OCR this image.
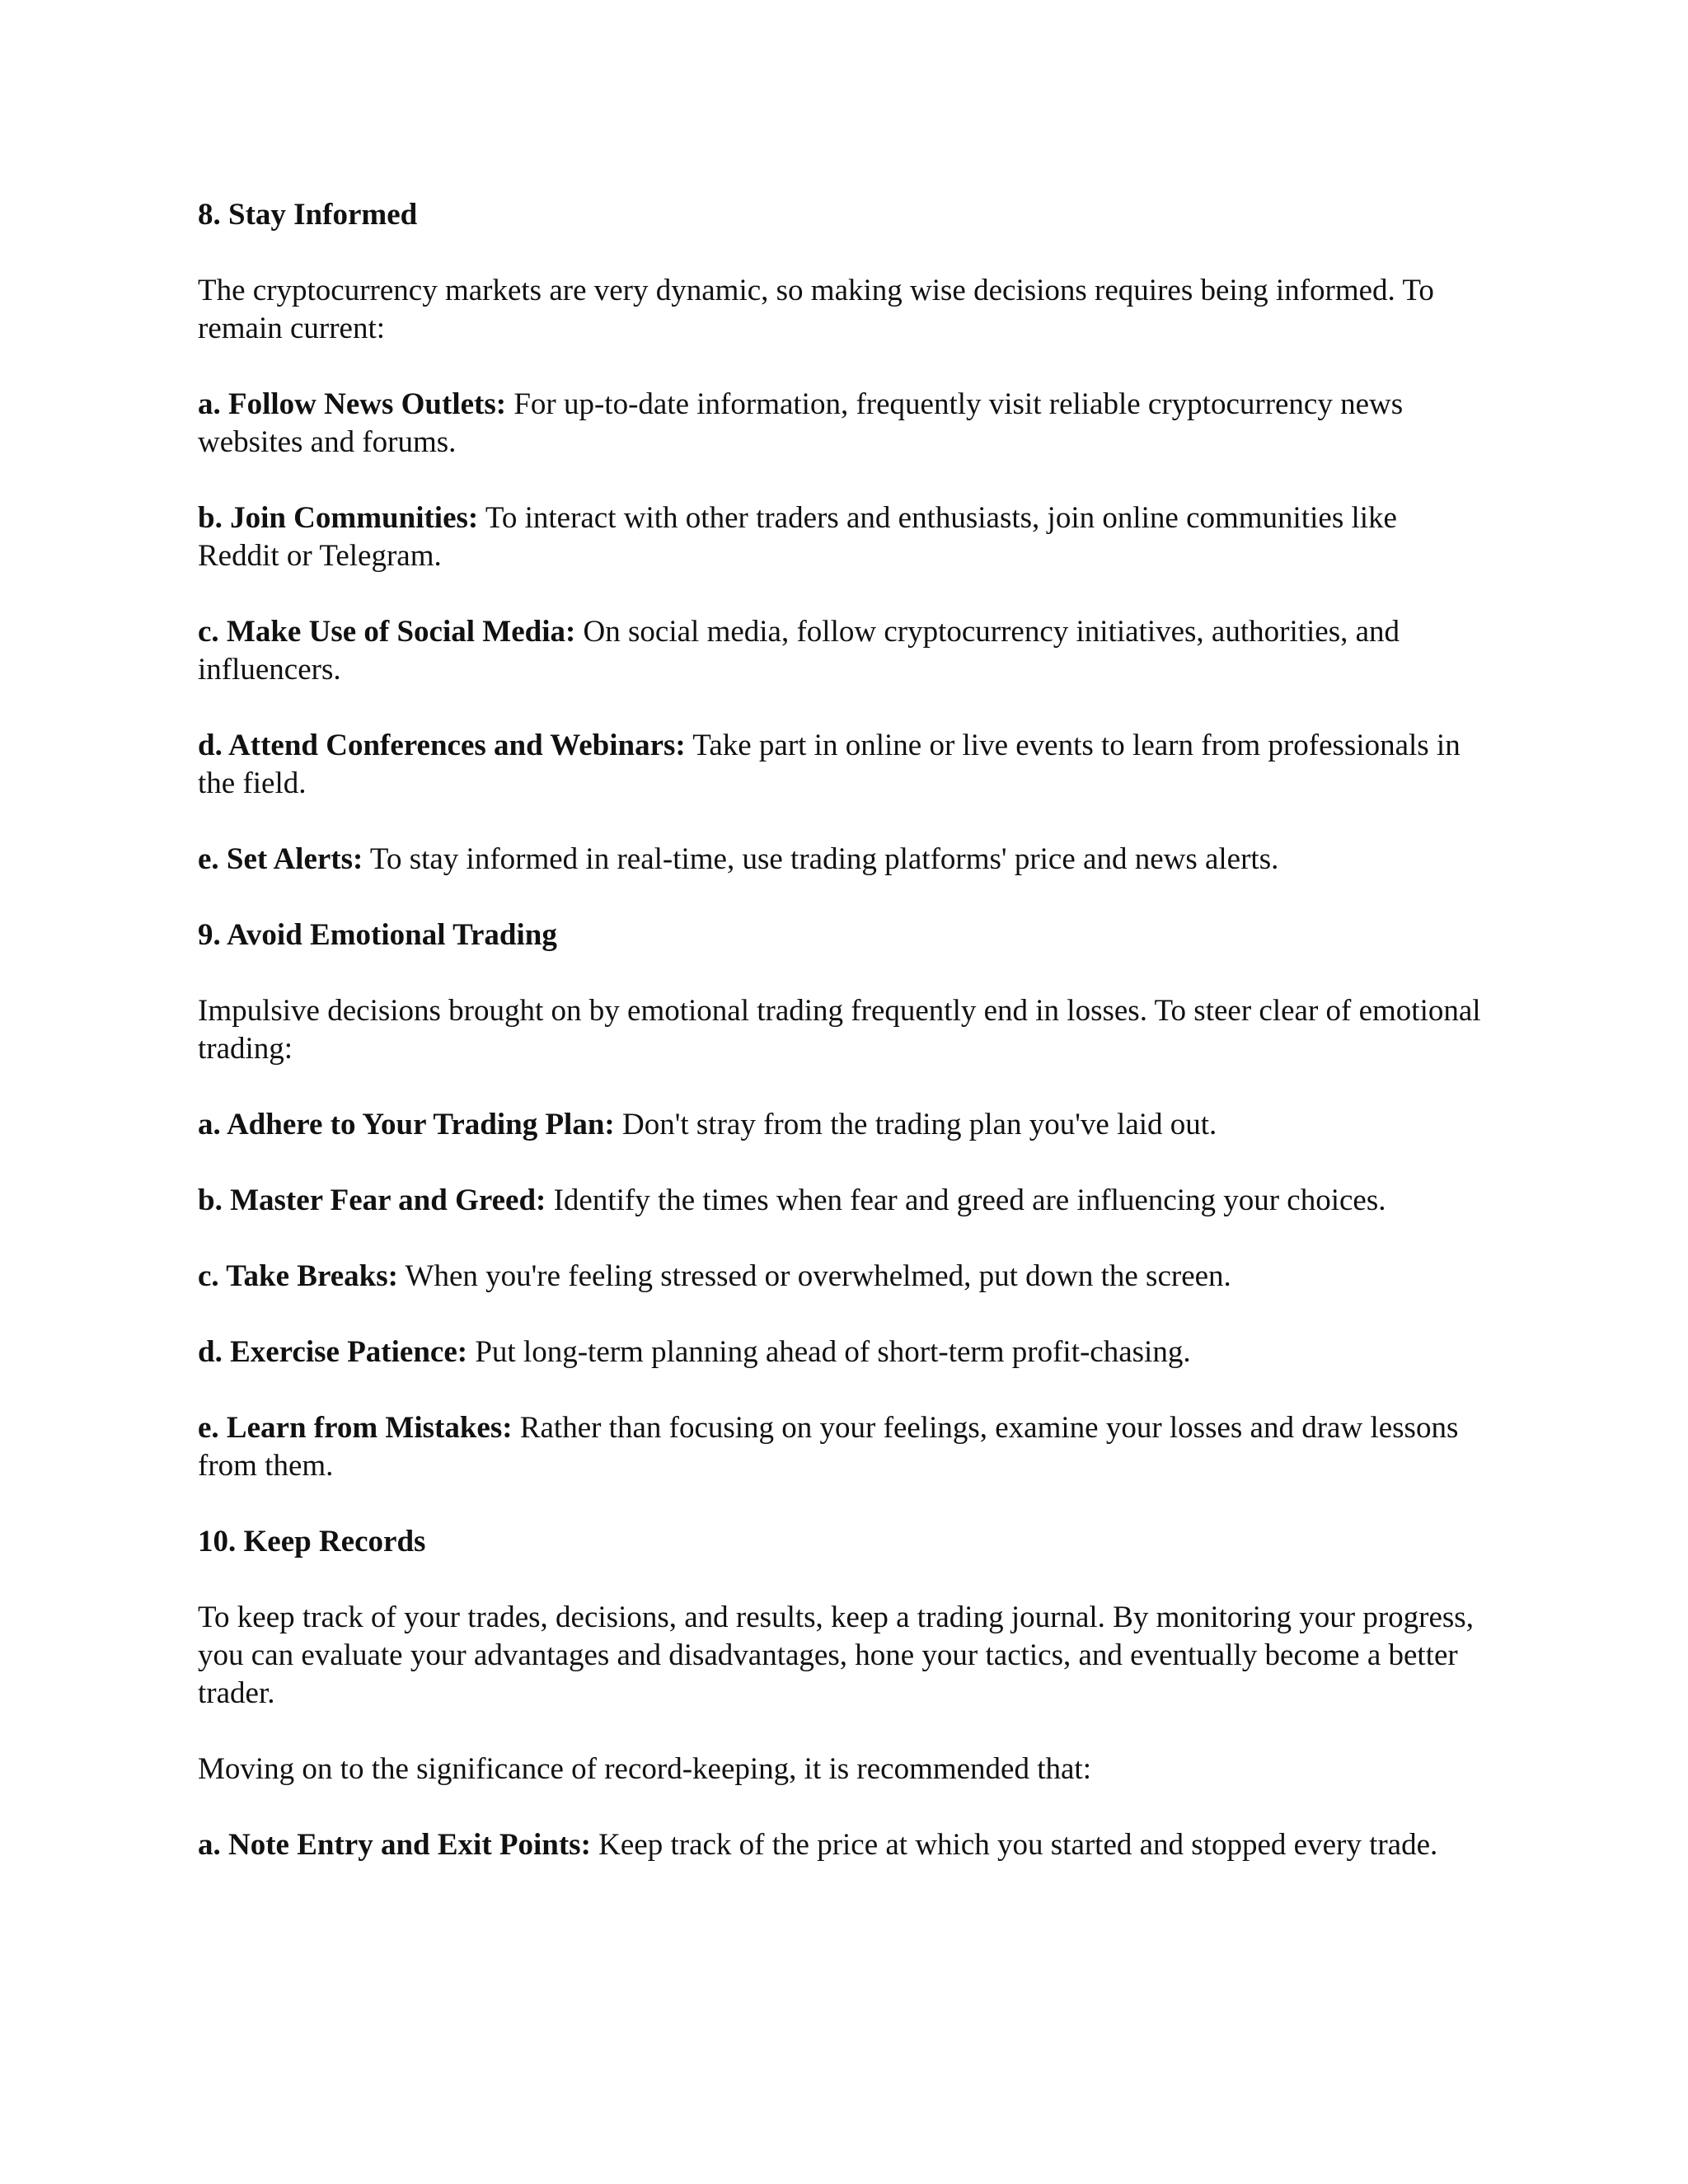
8. Stay Informed
The cryptocurrency markets are very dynamic, so making wise decisions requires being informed. To remain current:
a. Follow News Outlets: For up-to-date information, frequently visit reliable cryptocurrency news websites and forums.
b. Join Communities: To interact with other traders and enthusiasts, join online communities like Reddit or Telegram.
c. Make Use of Social Media: On social media, follow cryptocurrency initiatives, authorities, and influencers.
d. Attend Conferences and Webinars: Take part in online or live events to learn from professionals in the field.
e. Set Alerts: To stay informed in real-time, use trading platforms' price and news alerts.
9. Avoid Emotional Trading
Impulsive decisions brought on by emotional trading frequently end in losses. To steer clear of emotional trading:
a. Adhere to Your Trading Plan: Don't stray from the trading plan you've laid out.
b. Master Fear and Greed: Identify the times when fear and greed are influencing your choices.
c. Take Breaks: When you're feeling stressed or overwhelmed, put down the screen.
d. Exercise Patience: Put long-term planning ahead of short-term profit-chasing.
e. Learn from Mistakes: Rather than focusing on your feelings, examine your losses and draw lessons from them.
10. Keep Records
To keep track of your trades, decisions, and results, keep a trading journal. By monitoring your progress, you can evaluate your advantages and disadvantages, hone your tactics, and eventually become a better trader.
Moving on to the significance of record-keeping, it is recommended that:
a. Note Entry and Exit Points: Keep track of the price at which you started and stopped every trade.
